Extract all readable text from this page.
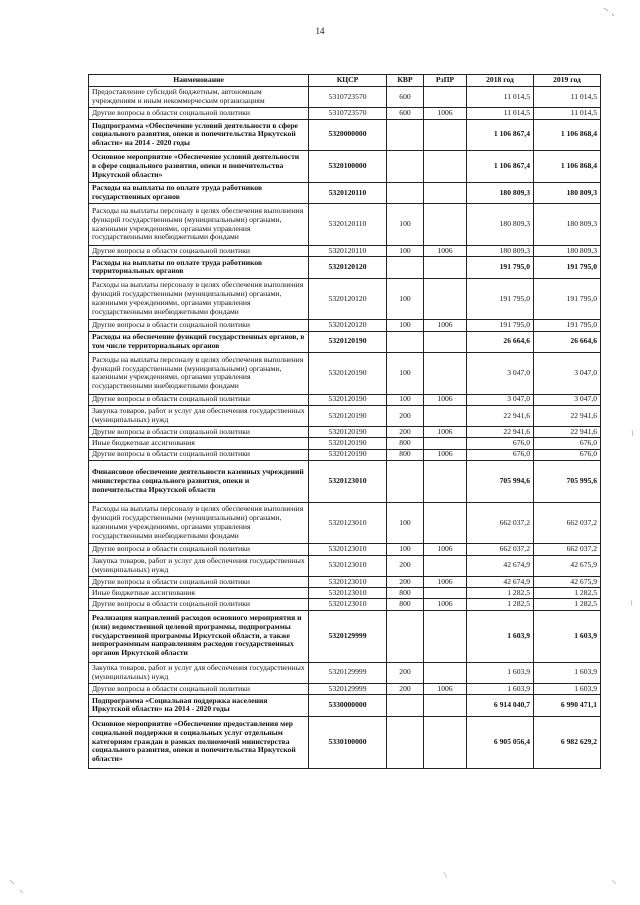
14
Наименование	КЦСР	КВР	РзПР	2018 год	2019 год
Предоставление субсидий бюджетным, автономным учреждениям и иным некоммерческим организациям	5310723570	600		11 014,5	11 014,5
Другие вопросы в области социальной политики	5310723570	600	1006	11 014,5	11 014,5
Подпрограмма «Обеспечение условий деятельности в сфере социального развития, опеки и попечительства Иркутской области» на 2014 - 2020 годы	5320000000			1 106 867,4	1 106 868,4
Основное мероприятие «Обеспечение условий деятельности в сфере социального развития, опеки и попечительства Иркутской области»	5320100000			1 106 867,4	1 106 868,4
Расходы на выплаты по оплате труда работников государственных органов	5320120110			180 809,3	180 809,3
Расходы на выплаты персоналу в целях обеспечения выполнения функций государственными (муниципальными) органами, казенными учреждениями, органами управления государственными внебюджетными фондами	5320120110	100		180 809,3	180 809,3
Другие вопросы в области социальной политики	5320120110	100	1006	180 809,3	180 809,3
Расходы на выплаты по оплате труда работников территориальных органов	5320120120			191 795,0	191 795,0
Расходы на выплаты персоналу в целях обеспечения выполнения функций государственными (муниципальными) органами, казенными учреждениями, органами управления государственными внебюджетными фондами	5320120120	100		191 795,0	191 795,0
Другие вопросы в области социальной политики	5320120120	100	1006	191 795,0	191 795,0
Расходы на обеспечение функций государственных органов, в том числе территориальных органов	5320120190			26 664,6	26 664,6
Расходы на выплаты персоналу в целях обеспечения выполнения функций государственными (муниципальными) органами, казенными учреждениями, органами управления государственными внебюджетными фондами	5320120190	100		3 047,0	3 047,0
Другие вопросы в области социальной политики	5320120190	100	1006	3 047,0	3 047,0
Закупка товаров, работ и услуг для обеспечения государственных (муниципальных) нужд	5320120190	200		22 941,6	22 941,6
Другие вопросы в области социальной политики	5320120190	200	1006	22 941,6	22 941,6
Иные бюджетные ассигнования	5320120190	800		676,0	676,0
Другие вопросы в области социальной политики	5320120190	800	1006	676,0	676,0
Финансовое обеспечение деятельности казенных учреждений министерства социального развития, опеки и попечительства Иркутской области	5320123010			705 994,6	705 995,6
Расходы на выплаты персоналу в целях обеспечения выполнения функций государственными (муниципальными) органами, казенными учреждениями, органами управления государственными внебюджетными фондами	5320123010	100		662 037,2	662 037,2
Другие вопросы в области социальной политики	5320123010	100	1006	662 037,2	662 037,2
Закупка товаров, работ и услуг для обеспечения государственных (муниципальных) нужд	5320123010	200		42 674,9	42 675,9
Другие вопросы в области социальной политики	5320123010	200	1006	42 674,9	42 675,9
Иные бюджетные ассигнования	5320123010	800		1 282,5	1 282,5
Другие вопросы в области социальной политики	5320123010	800	1006	1 282,5	1 282,5
Реализация направлений расходов основного мероприятия и (или) ведомственной целевой программы, подпрограммы государственной программы Иркутской области, а также непрограммным направлениям расходов государственных органов Иркутской области	5320129999			1 603,9	1 603,9
Закупка товаров, работ и услуг для обеспечения государственных (муниципальных) нужд	5320129999	200		1 603,9	1 603,9
Другие вопросы в области социальной политики	5320129999	200	1006	1 603,9	1 603,9
Подпрограмма «Социальная поддержка населения Иркутской области» на 2014 - 2020 годы	5330000000			6 914 040,7	6 990 471,1
Основное мероприятие «Обеспечение предоставления мер социальной поддержки и социальных услуг отдельным категориям граждан в рамках полномочий министерства социального развития, опеки и попечительства Иркутской области»	5330100000			6 905 056,4	6 982 629,2
